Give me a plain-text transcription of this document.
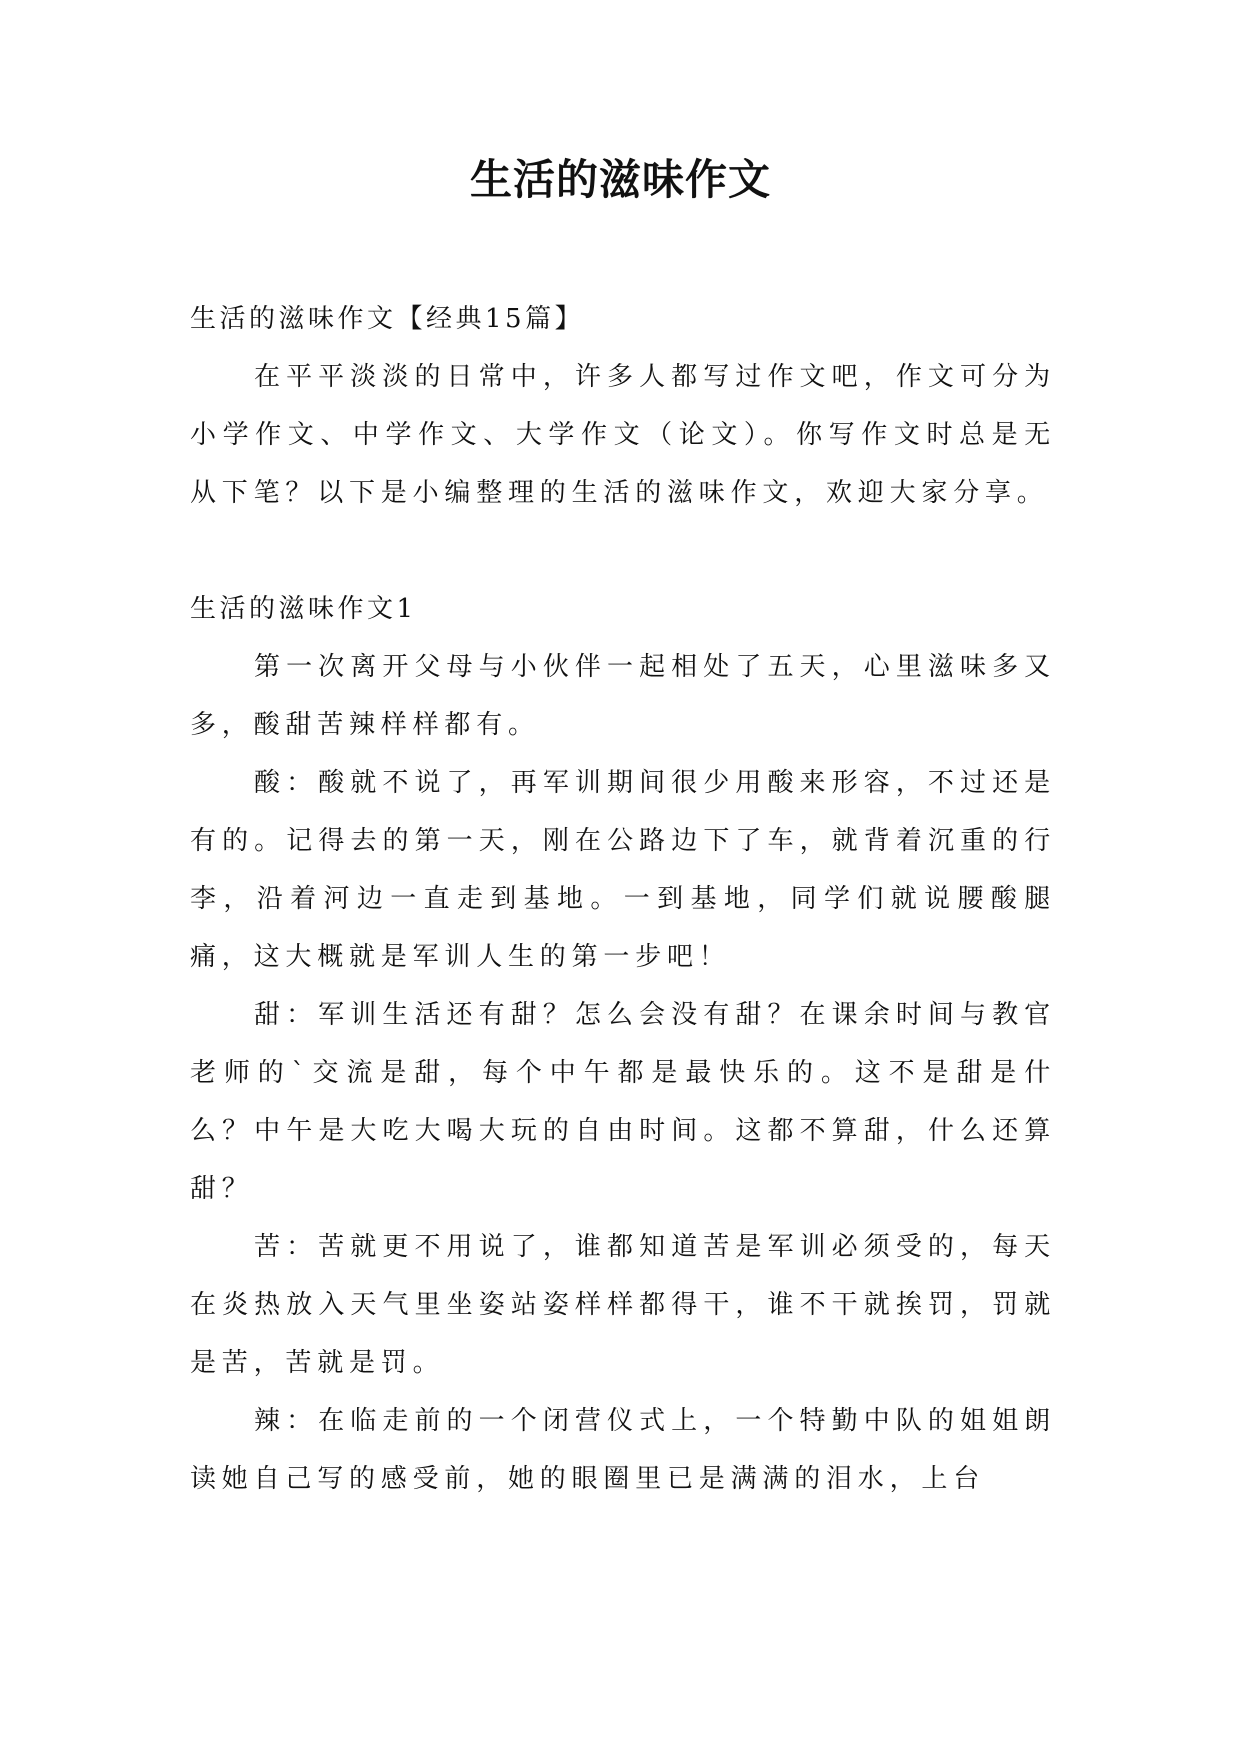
生活的滋味作文

生活的滋味作文【经典15篇】

在平平淡淡的日常中，许多人都写过作文吧，作文可分为小学作文、中学作文、大学作文（论文）。你写作文时总是无从下笔？以下是小编整理的生活的滋味作文，欢迎大家分享。

生活的滋味作文1

第一次离开父母与小伙伴一起相处了五天，心里滋味多又多，酸甜苦辣样样都有。

酸：酸就不说了，再军训期间很少用酸来形容，不过还是有的。记得去的第一天，刚在公路边下了车，就背着沉重的行李，沿着河边一直走到基地。一到基地，同学们就说腰酸腿痛，这大概就是军训人生的第一步吧！

甜：军训生活还有甜？怎么会没有甜？在课余时间与教官老师的`交流是甜，每个中午都是最快乐的。这不是甜是什么？中午是大吃大喝大玩的自由时间。这都不算甜，什么还算甜？

苦：苦就更不用说了，谁都知道苦是军训必须受的，每天在炎热放入天气里坐姿站姿样样都得干，谁不干就挨罚，罚就是苦，苦就是罚。

辣：在临走前的一个闭营仪式上，一个特勤中队的姐姐朗读她自己写的感受前，她的眼圈里已是满满的泪水，上台
